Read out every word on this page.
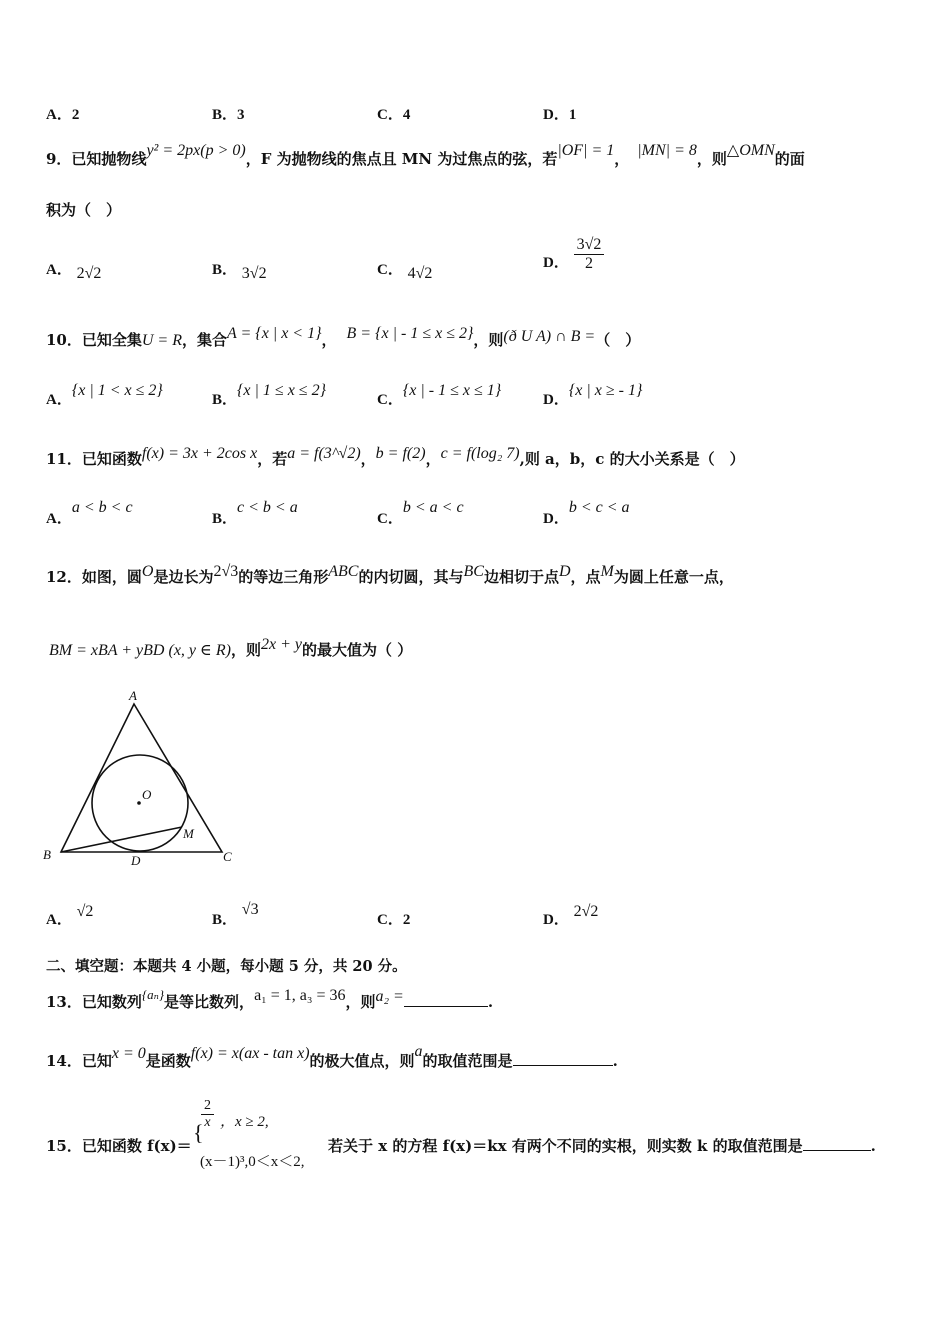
A．2	B．3	C．4	D．1
9．已知抛物线y² = 2px(p > 0)，F 为抛物线的焦点且 MN 为过焦点的弦，若|OF| = 1， |MN| = 8，则△OMN的面
积为（　）
A． 2√2	B． 3√2	C． 4√2
D． $\frac{3√2}{2}$
10．已知全集U = R，集合A = {x | x < 1}， B = {x | - 1 ≤ x ≤ 2}，则(ð U A) ∩ B =（　）
A．{x | 1 < x ≤ 2}
B．{x | 1 ≤ x ≤ 2}
C．{x | - 1 ≤ x ≤ 1}
D．{x | x ≥ - 1}
11．已知函数f(x) = 3x + 2cos x，若a = f(3^√2)，b = f(2)，c = f(log₂ 7),则 a，b，c 的大小关系是（　）
A．a < b < c
B．c < b < a
C．b < a < c
D．b < c < a
12．如图，圆O是边长为2√3的等边三角形ABC的内切圆，其与BC边相切于点D，点M为圆上任意一点，
BM = xBA + yBD (x, y ∈ R)，则2x + y的最大值为（ ）
A
B	C
D
O
M
A． √2	B． √3
C．2	D． 2√2
二、填空题：本题共 4 小题，每小题 5 分，共 20 分。
13．已知数列{aₙ}是等比数列，a₁ = 1, a₃ = 36，则a₂ =	.
14．已知x = 0是函数f(x) = x(ax - tan x)的极大值点，则a的取值范围是	.
15．已知函数 f(x)＝
{
$\frac{2}{x}$ ，x ≥ 2,
(x－1)³,0＜x＜2,
若关于 x 的方程 f(x)＝kx 有两个不同的实根，则实数 k 的取值范围是	.
